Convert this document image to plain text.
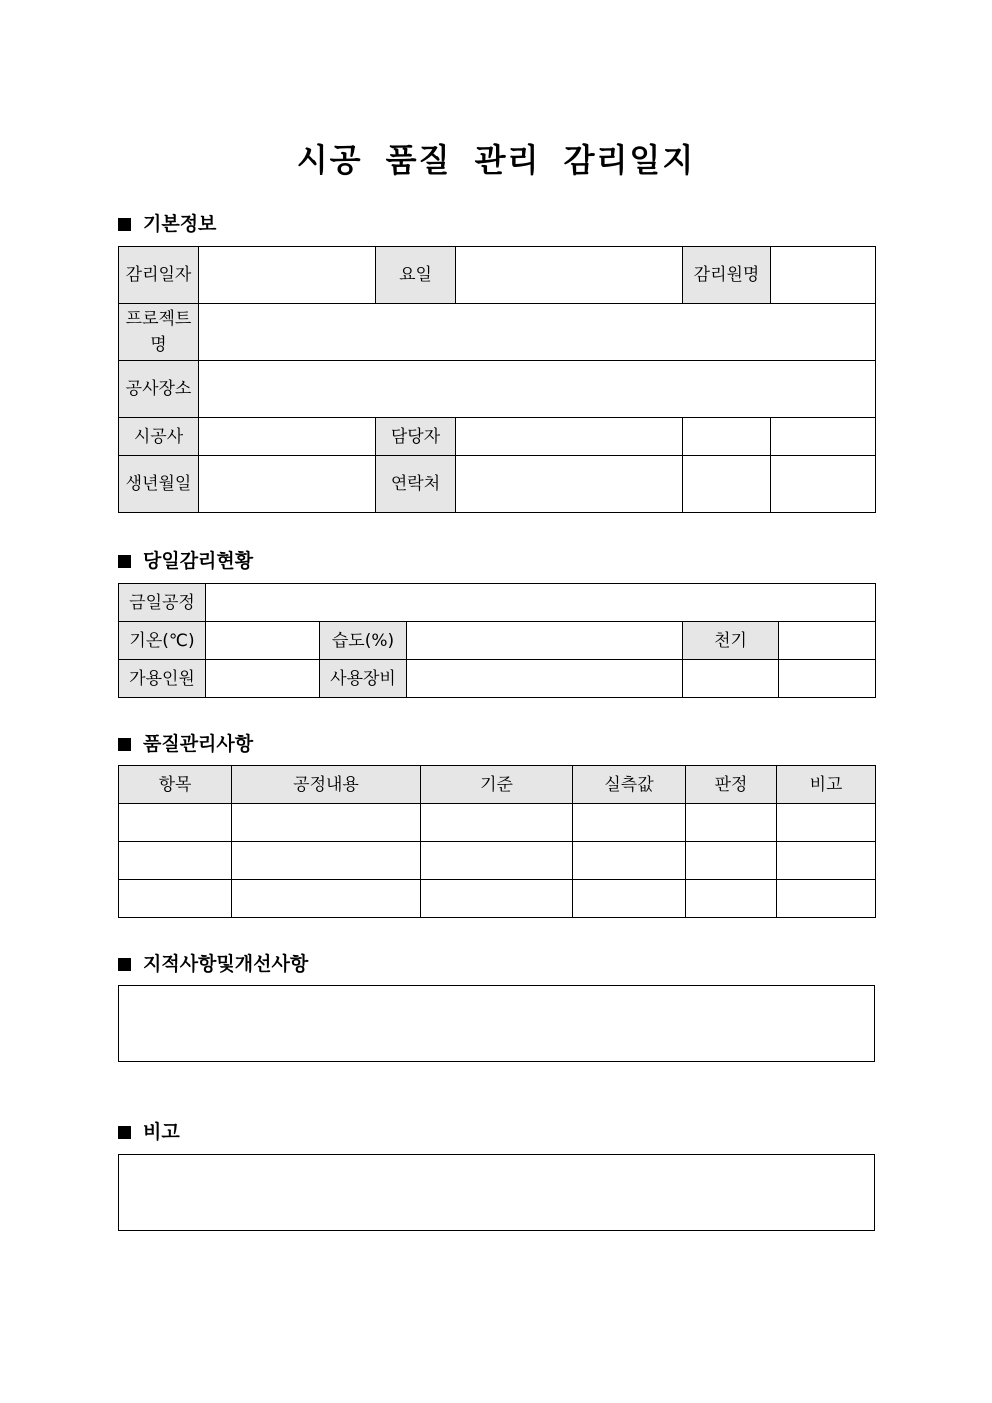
시공 품질 관리 감리일지
기본정보
감리일자		요일		감리원명	
프로젝트명					
공사장소					
시공사		담당자			
생년월일		연락처			
당일감리현황
금일공정					
기온(℃)		습도(%)		천기	
가용인원		사용장비			
품질관리사항
항목	공정내용	기준	실측값	판정	비고

지적사항및개선사항
비고
